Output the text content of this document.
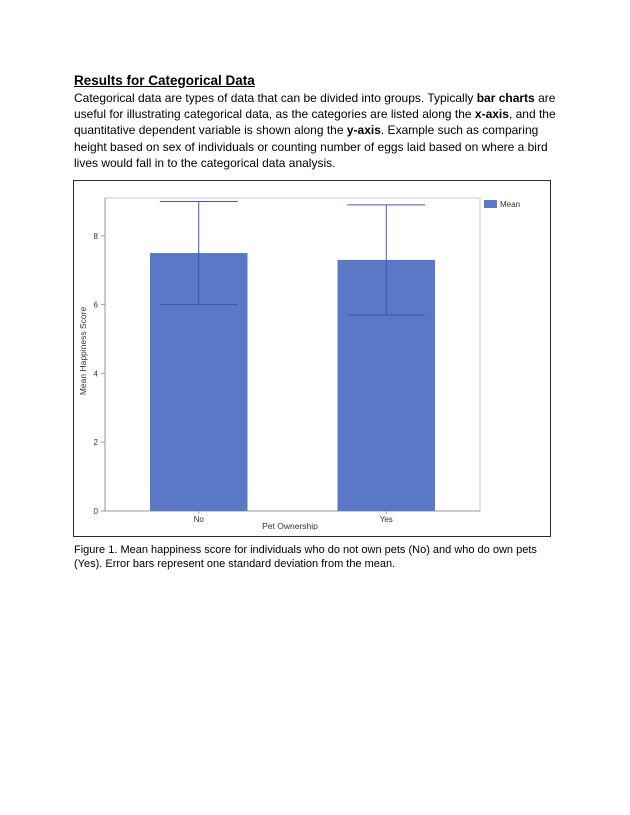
Results for Categorical Data

Categorical data are types of data that can be divided into groups. Typically bar charts are useful for illustrating categorical data, as the categories are listed along the x-axis, and the quantitative dependent variable is shown along the y-axis. Example such as comparing height based on sex of individuals or counting number of eggs laid based on where a bird lives would fall in to the categorical data analysis.

0
2
4
6
8
No	Yes
Mean
Mean Happiness Score
Pet Ownership

Figure 1. Mean happiness score for individuals who do not own pets (No) and who do own pets (Yes). Error bars represent one standard deviation from the mean.
